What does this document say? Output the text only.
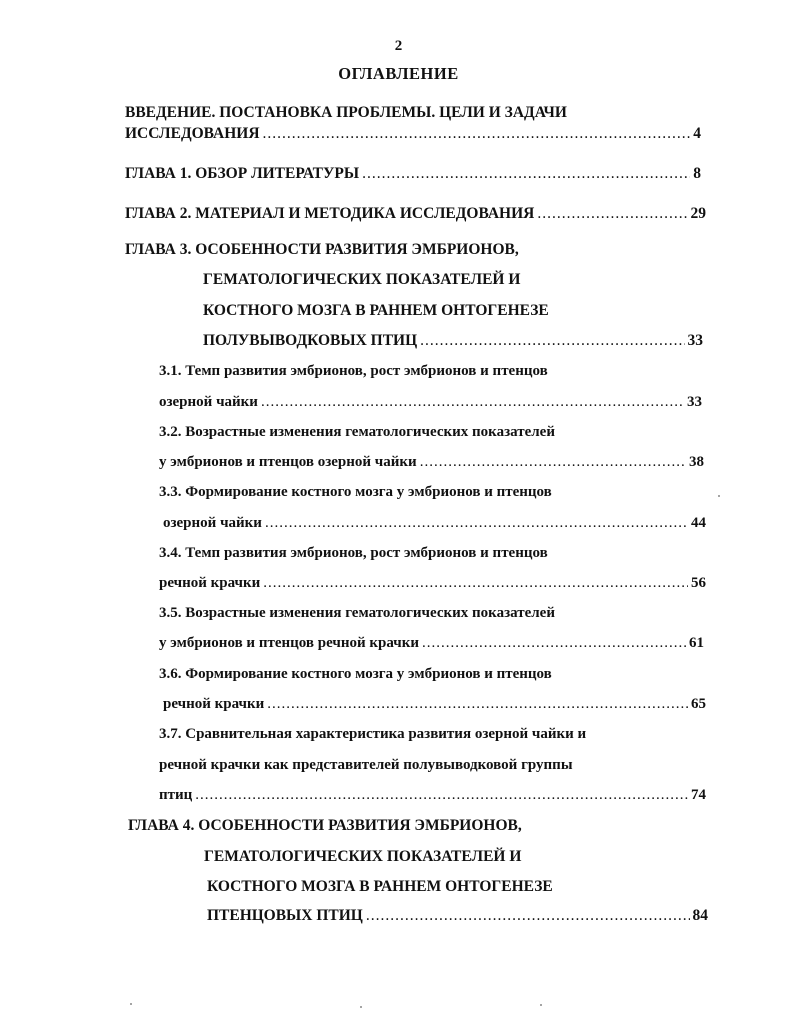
2
ОГЛАВЛЕНИЕ
ВВЕДЕНИЕ. ПОСТАНОВКА ПРОБЛЕМЫ. ЦЕЛИ И ЗАДАЧИ
ИССЛЕДОВАНИЯ .....	4
ГЛАВА 1. ОБЗОР ЛИТЕРАТУРЫ .....	8
ГЛАВА 2. МАТЕРИАЛ И МЕТОДИКА ИССЛЕДОВАНИЯ .....	29
ГЛАВА 3. ОСОБЕННОСТИ РАЗВИТИЯ ЭМБРИОНОВ,
ГЕМАТОЛОГИЧЕСКИХ ПОКАЗАТЕЛЕЙ И
КОСТНОГО МОЗГА В РАННЕМ ОНТОГЕНЕЗЕ
ПОЛУВЫВОДКОВЫХ ПТИЦ .....	33
3.1. Темп развития эмбрионов, рост эмбрионов и птенцов
озерной чайки .....	33
3.2. Возрастные изменения гематологических показателей
у эмбрионов и птенцов озерной чайки .....	38
3.3. Формирование костного мозга у эмбрионов и птенцов
озерной чайки .....	44
3.4. Темп развития эмбрионов, рост эмбрионов и птенцов
речной крачки .....	56
3.5. Возрастные изменения гематологических показателей
у эмбрионов и птенцов речной крачки .....	61
3.6. Формирование костного мозга у эмбрионов и птенцов
речной крачки .....	65
3.7. Сравнительная характеристика развития озерной чайки и
речной крачки как представителей полувыводковой группы
птиц .....	74
ГЛАВА 4. ОСОБЕННОСТИ РАЗВИТИЯ ЭМБРИОНОВ,
ГЕМАТОЛОГИЧЕСКИХ ПОКАЗАТЕЛЕЙ И
КОСТНОГО МОЗГА В РАННЕМ ОНТОГЕНЕЗЕ
ПТЕНЦОВЫХ ПТИЦ .....	84
